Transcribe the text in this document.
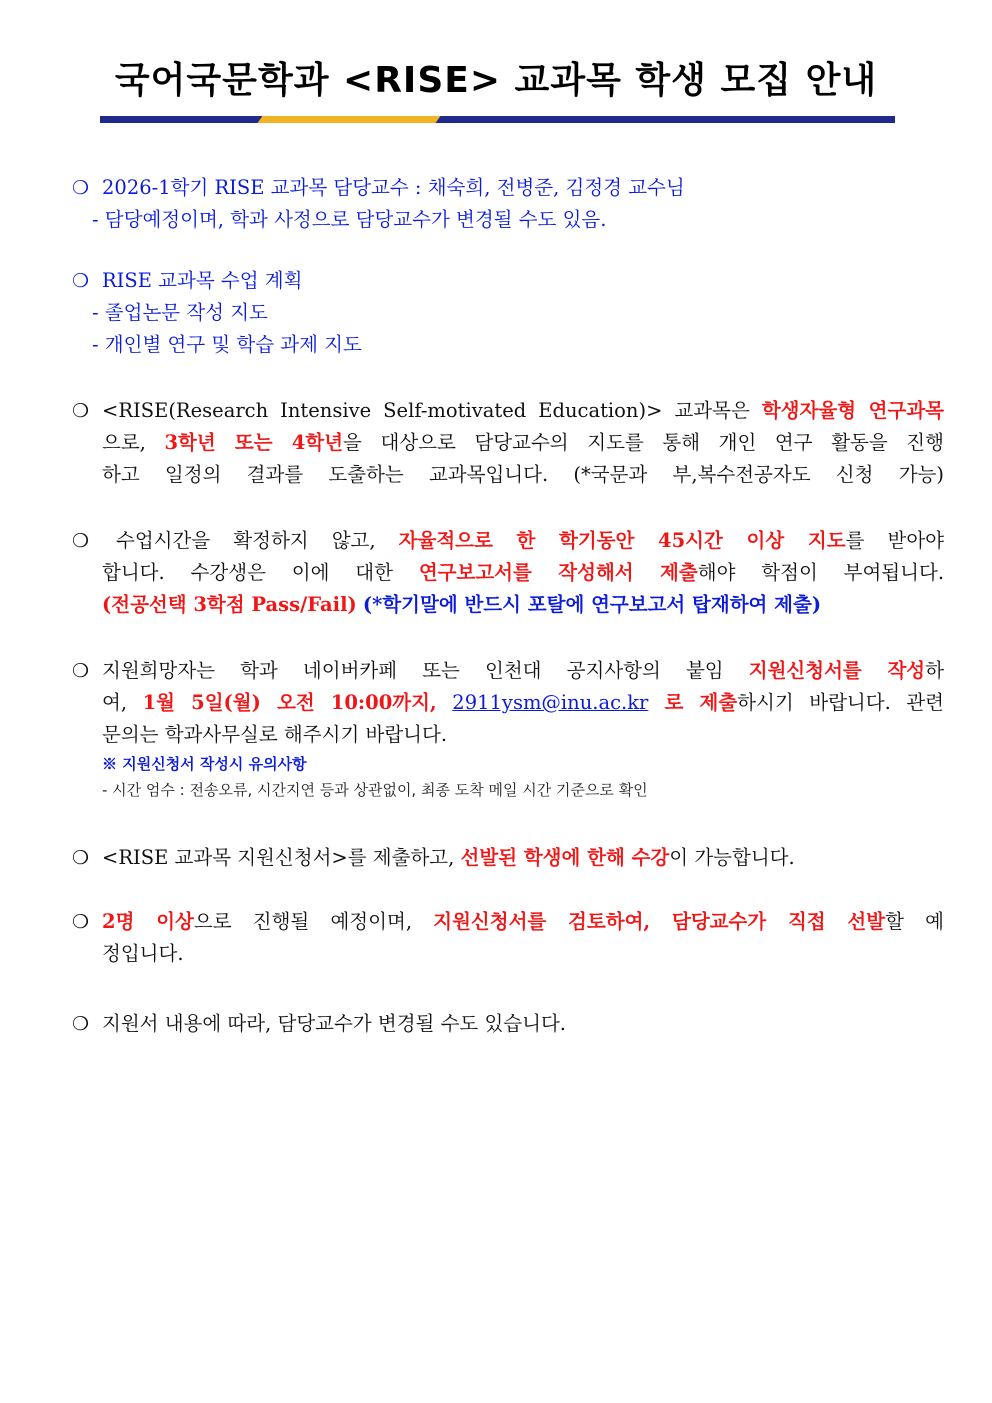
국어국문학과 <RISE> 교과목 학생 모집 안내
❍ 2026-1학기 RISE 교과목 담당교수 : 채숙희, 전병준, 김정경 교수님
- 담당예정이며, 학과 사정으로 담당교수가 변경될 수도 있음.
❍ RISE 교과목 수업 계획
- 졸업논문 작성 지도
- 개인별 연구 및 학습 과제 지도
❍ <RISE(Research Intensive Self-motivated Education)> 교과목은 학생자율형 연구과목
으로, 3학년 또는 4학년을 대상으로 담당교수의 지도를 통해 개인 연구 활동을 진행
하고 일정의 결과를 도출하는 교과목입니다. (*국문과 부,복수전공자도 신청 가능)
❍	수업시간을 확정하지 않고, 자율적으로 한 학기동안 45시간 이상 지도를 받아야
합니다. 수강생은 이에 대한 연구보고서를 작성해서 제출해야 학점이 부여됩니다.
(전공선택 3학점 Pass/Fail) (*학기말에 반드시 포탈에 연구보고서 탑재하여 제출)
❍ 지원희망자는 학과 네이버카페 또는 인천대 공지사항의 붙임 지원신청서를 작성하
여, 1월 5일(월) 오전 10:00까지, 2911ysm@inu.ac.kr 로 제출하시기 바랍니다. 관련
문의는 학과사무실로 해주시기 바랍니다.
※ 지원신청서 작성시 유의사항
- 시간 엄수 : 전송오류, 시간지연 등과 상관없이, 최종 도착 메일 시간 기준으로 확인
❍ <RISE 교과목 지원신청서>를 제출하고, 선발된 학생에 한해 수강이 가능합니다.
❍ 2명 이상으로 진행될 예정이며, 지원신청서를 검토하여, 담당교수가 직접 선발할 예
정입니다.
❍ 지원서 내용에 따라, 담당교수가 변경될 수도 있습니다.
